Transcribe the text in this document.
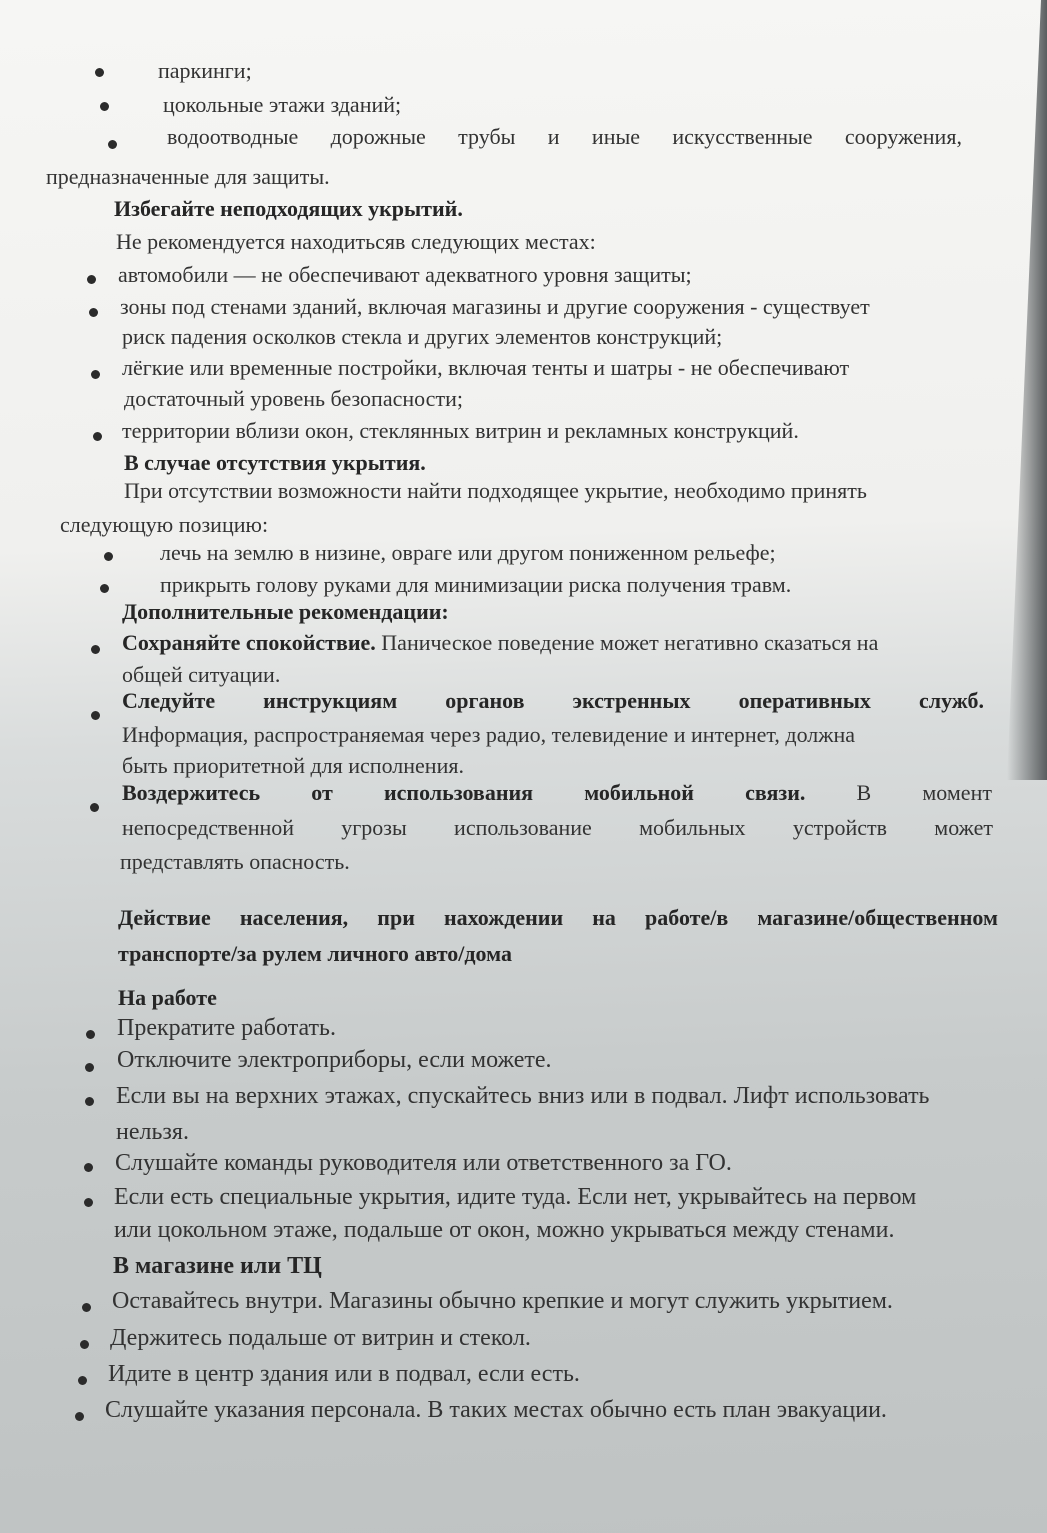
паркинги;
цокольные этажи зданий;
водоотводные дорожные трубы и иные искусственные сооружения,
предназначенные для защиты.
Избегайте неподходящих укрытий.
Не рекомендуется находитьсяв следующих местах:
автомобили — не обеспечивают адекватного уровня защиты;
зоны под стенами зданий, включая магазины и другие сооружения - существует
риск падения осколков стекла и других элементов конструкций;
лёгкие или временные постройки, включая тенты и шатры - не обеспечивают
достаточный уровень безопасности;
территории вблизи окон, стеклянных витрин и рекламных конструкций.
В случае отсутствия укрытия.
При отсутствии возможности найти подходящее укрытие, необходимо принять
следующую позицию:
лечь на землю в низине, овраге или другом пониженном рельефе;
прикрыть голову руками для минимизации риска получения травм.
Дополнительные рекомендации:
Сохраняйте спокойствие. Паническое поведение может негативно сказаться на
общей ситуации.
Следуйте инструкциям органов экстренных оперативных служб.
Информация, распространяемая через радио, телевидение и интернет, должна
быть приоритетной для исполнения.
Воздержитесь от использования мобильной связи. В момент
непосредственной угрозы использование мобильных устройств может
представлять опасность.
Действие населения, при нахождении на работе/в магазине/общественном
транспорте/за рулем личного авто/дома
На работе
Прекратите работать.
Отключите электроприборы, если можете.
Если вы на верхних этажах, спускайтесь вниз или в подвал. Лифт использовать
нельзя.
Слушайте команды руководителя или ответственного за ГО.
Если есть специальные укрытия, идите туда. Если нет, укрывайтесь на первом
или цокольном этаже, подальше от окон, можно укрываться между стенами.
В магазине или ТЦ
Оставайтесь внутри. Магазины обычно крепкие и могут служить укрытием.
Держитесь подальше от витрин и стекол.
Идите в центр здания или в подвал, если есть.
Слушайте указания персонала. В таких местах обычно есть план эвакуации.
